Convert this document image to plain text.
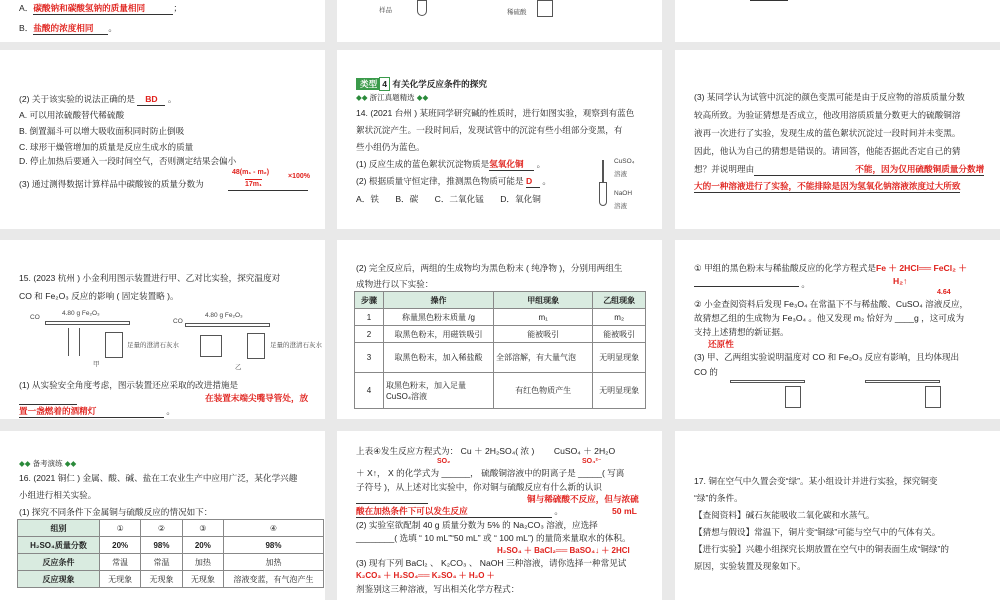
A．碳酸钠和碳酸氢钠的质量相同	；
B．盐酸的浓度相同 。
样品	稀硫酸
(2) 关于该实验的说法正确的是 BD 。
A. 可以用浓硫酸替代稀硫酸
B. 倒置漏斗可以增大吸收面积同时防止倒吸
C. 球形干燥管增加的质量是反应生成水的质量
D. 停止加热后要通入一段时间空气，否则测定结果会偏小
(3) 通过测得数据计算样品中碳酸铵的质量分数为
48(m₁ - m₂)
×100%
17m₁
类型 4 有关化学反应条件的探究
◆◆ 浙江真题精选 ◆◆
14. (2021 台州 ) 某班同学研究碱的性质时，进行如图实验，观察到有蓝色
絮状沉淀产生。一段时间后，发现试管中的沉淀有些小组部分变黑，有
些小组仍为蓝色。
(1) 反应生成的蓝色絮状沉淀物质是氢氧化铜 。
(2) 根据质量守恒定律，推测黑色物质可能是 D 。
A．铁 B．碳 C．二氧化锰 D．氧化铜
CuSO₄
溶液
NaOH
溶液
(3) 某同学认为试管中沉淀的颜色变黑可能是由于反应物的溶质质量分数
较高所致。为验证猜想是否成立，他改用溶质质量分数更大的硫酸铜溶
液再一次进行了实验，发现生成的蓝色絮状沉淀过一段时间并未变黑。
因此，他认为自己的猜想是错误的。请回答，他能否据此否定自己的猜
想？并说明理由	不能，因为仅用硫酸铜质量分数增
大的一种溶液进行了实验，不能排除是因为氢氧化钠溶液浓度过大所致
15. (2023 杭州 ) 小金利用图示装置进行甲、乙对比实验，探究温度对
CO 和 Fe₂O₃ 反应的影响 ( 固定装置略 )。
CO
4.80 g Fe₂O₃
足量的澄清石灰水
甲
CO
4.80 g Fe₂O₃
足量的澄清石灰水
乙
(1) 从实验安全角度考虑，图示装置还应采取的改进措施是
在装置末端尖嘴导管处，放
置一盏燃着的酒精灯	。
(2) 完全反应后，两组的生成物均为黑色粉末 ( 纯净物 )，分别用两组生
成物进行以下实验：
步骤	操作	甲组现象	乙组现象
1	称量黑色粉末质量 /g	m₁	m₂
2	取黑色粉末，用磁铁吸引	能被吸引	能被吸引
3	取黑色粉末，加入稀盐酸	全部溶解，有大量气泡	无明显现象
4	取黑色粉末，加入足量CuSO₄溶液	有红色物质产生	无明显现象
① 甲组的黑色粉末与稀盐酸反应的化学方程式是Fe ＋ 2HCl══ FeCl₂ ＋
。	H₂↑
4.64
② 小金查阅资料后发现 Fe₃O₄ 在常温下不与稀盐酸、CuSO₄ 溶液反应，
故猜想乙组的生成物为 Fe₃O₄ 。他又发现 m₂ 恰好为 ____g ，这可成为
支持上述猜想的新证据。
还原性
(3) 甲、乙两组实验说明温度对 CO 和 Fe₂O₃ 反应有影响，且均体现出
CO 的
◆◆ 备考演练 ◆◆
16. (2021 铜仁 ) 金属、酸、碱、盐在工农业生产中应用广泛，某化学兴趣
小组进行相关实验。
(1) 探究不同条件下金属铜与硫酸反应的情况如下：
组别	①	②	③	④
H₂SO₄质量分数	20%	98%	20%	98%
反应条件	常温	常温	加热	加热
反应现象	无现象	无现象	无现象	溶液变蓝，有气泡产生
上表④发生反应方程式为： Cu ＋ 2H₂SO₄( 浓 )　　 CuSO₄ ＋ 2H₂O
SO₂	SO₄²⁻
＋ X↑， X 的化学式为 ______， 硫酸铜溶液中的阴离子是 _____( 写离
子符号 )，从上述对比实验中，你对铜与硫酸反应有什么新的认识
铜与稀硫酸不反应，但与浓硫
酸在加热条件下可以发生反应	。	50 mL
(2) 实验室欲配制 40 g 质量分数为 5% 的 Na₂CO₃ 溶液，应选择
________( 选填 “ 10 mL”“50 mL” 或 “ 100 mL”) 的量筒来量取水的体积。
H₂SO₄ ＋ BaCl₂══ BaSO₄↓ ＋ 2HCl
(3) 现有下列 BaCl₂ 、 K₂CO₃ 、 NaOH 三种溶液，请你选择一种常见试
K₂CO₃ ＋ H₂SO₄══ K₂SO₄ ＋ H₂O ＋
剂鉴别这三种溶液，写出相关化学方程式：
17. 铜在空气中久置会变“绿”。某小组设计并进行实验，探究铜变
“绿”的条件。
【查阅资料】碱石灰能吸收二氧化碳和水蒸气。
【猜想与假设】常温下，铜片变“铜绿”可能与空气中的气体有关。
【进行实验】兴趣小组探究长期放置在空气中的铜表面生成“铜绿”的
原因，实验装置及现象如下。
